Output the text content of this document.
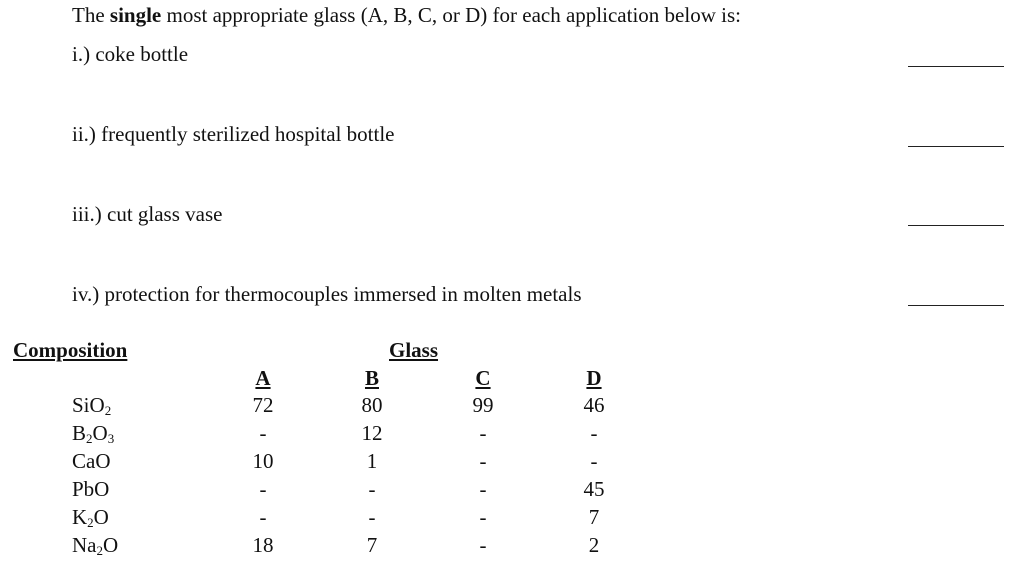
The single most appropriate glass (A, B, C, or D) for each application below is:
i.) coke bottle
ii.) frequently sterilized hospital bottle
iii.) cut glass vase
iv.) protection for thermocouples immersed in molten metals
Composition	Glass
A	B	C	D
SiO$_2$	72	80	99	46
$B_2O_3$	-	12	-	-
CaO	10	1	-	-
PbO	-	-	-	45
$K_2O$	-	-	-	7
$Na_2O$	18	7	-	2
